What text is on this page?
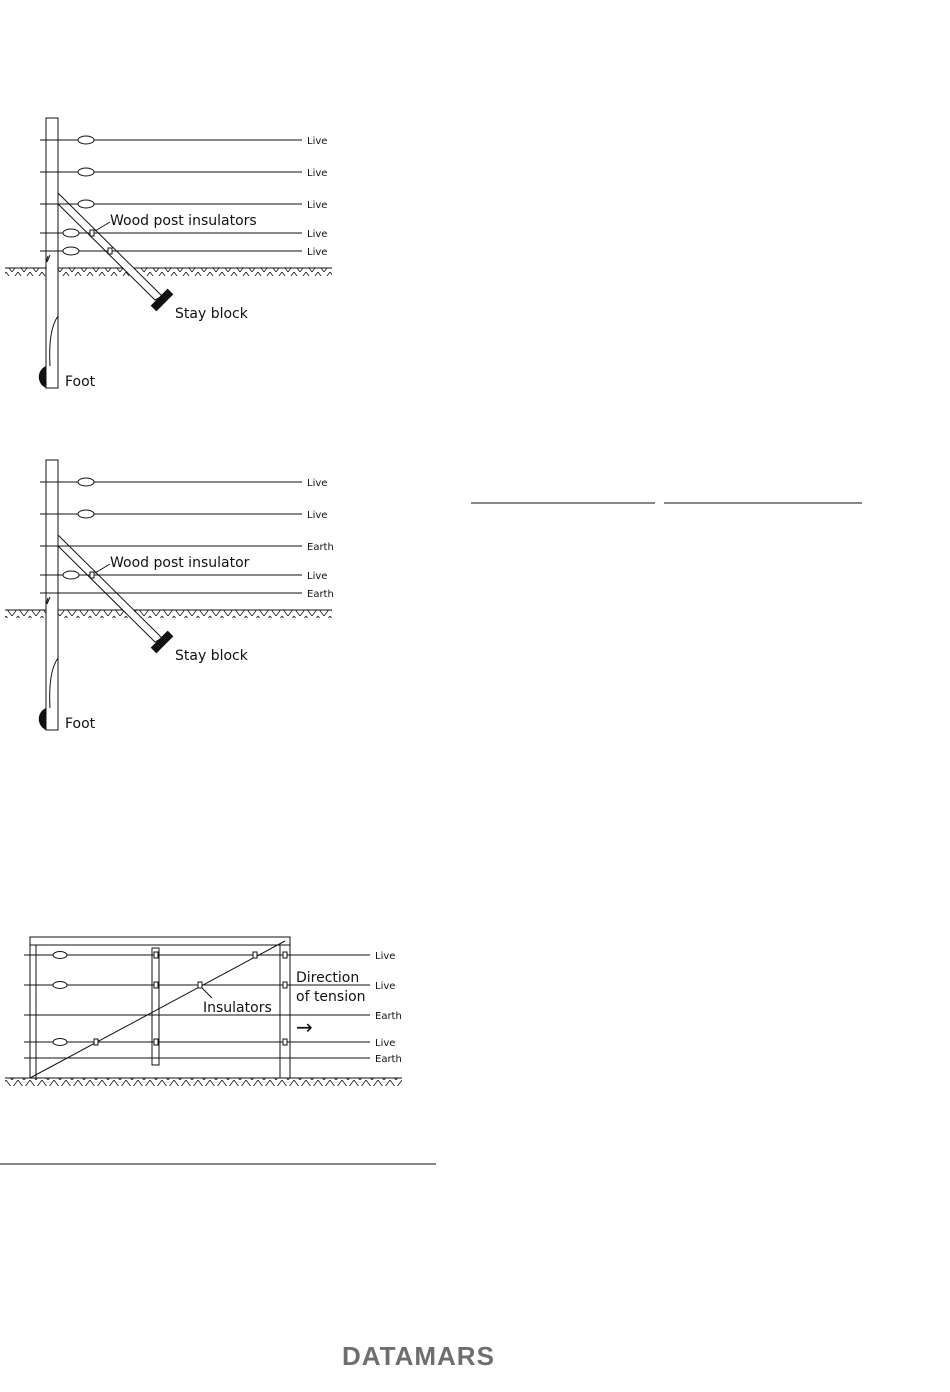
Live
Live
Live
Live
Live
Wood post insulators
Stay block
Foot
Live
Live
Earth
Live
Earth
Wood post insulator
Stay block
Foot
Live
Live
Earth
Live
Earth
Insulators
Direction
of tension
→
DATAMARS
